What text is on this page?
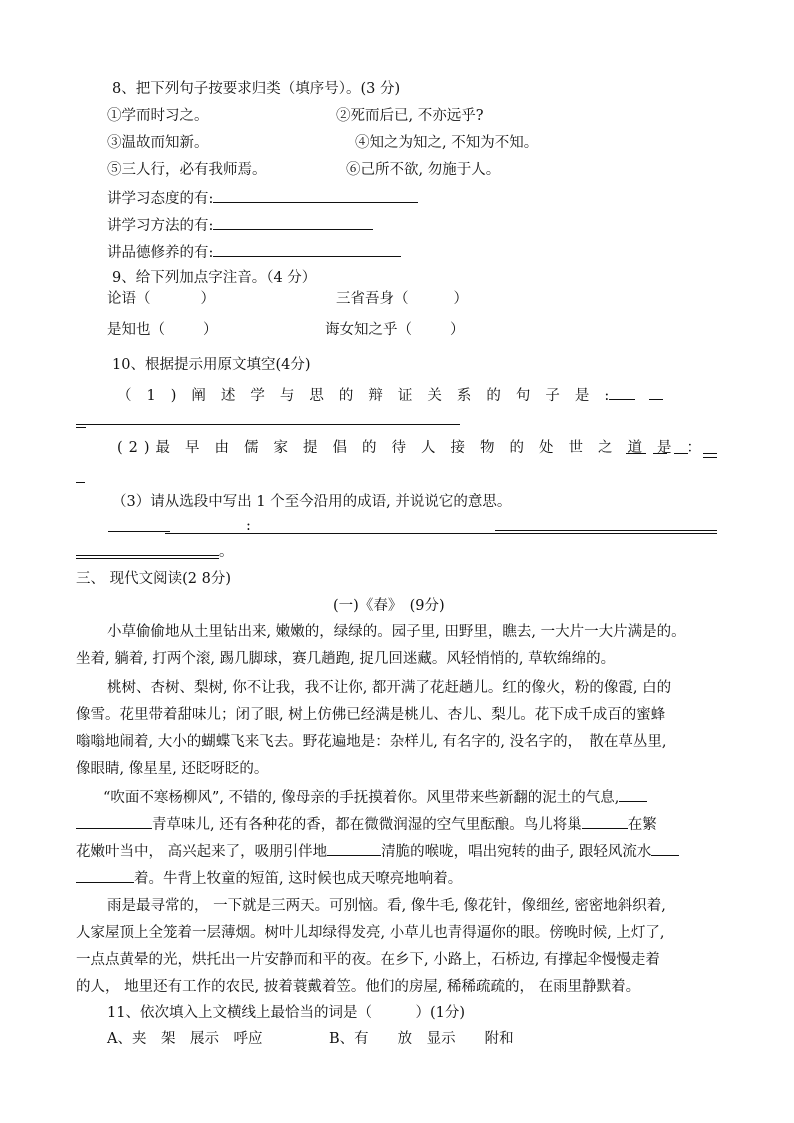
8、把下列句子按要求归类（填序号）。(3 分)
①学而时习之。	②死而后已, 不亦远乎?
③温故而知新。	④知之为知之, 不知为不知。
⑤三人行，必有我师焉。	⑥己所不欲, 勿施于人。
讲学习态度的有:
讲学习方法的有:
讲品德修养的有:
9、给下列加点字注音。（4 分）
论语（	）	三省吾身（	）
是知也（	）	诲女知之乎（	）
10、根据提示用原文填空(4分)
（1)阐述学与思的辩证关系的句子是:
(2)最早由儒家提倡的待人接物的处世之道是：
（3）请从选段中写出 1 个至今沿用的成语, 并说说它的意思。
:
。
三、 现代文阅读(2 8分)
(一)《春》　(9分)
小草偷偷地从土里钻出来, 嫩嫩的，绿绿的。园子里, 田野里，瞧去, 一大片一大片满是的。
坐着, 躺着, 打两个滚, 踢几脚球，赛几趟跑, 捉几回迷藏。风轻悄悄的, 草软绵绵的。
桃树、杏树、梨树, 你不让我，我不让你, 都开满了花赶趟儿。红的像火，粉的像霞, 白的
像雪。花里带着甜味儿；闭了眼, 树上仿佛已经满是桃儿、杏儿、梨儿。花下成千成百的蜜蜂
嗡嗡地闹着, 大小的蝴蝶飞来飞去。野花遍地是：杂样儿, 有名字的, 没名字的，　散在草丛里,
像眼睛, 像星星, 还眨呀眨的。
“吹面不寒杨柳风”, 不错的, 像母亲的手抚摸着你。风里带来些新翻的泥土的气息,
青草味儿, 还有各种花的香，都在微微润湿的空气里酝酿。鸟儿将巢	在繁
花嫩叶当中， 高兴起来了，吸朋引伴地	清脆的喉咙，唱出宛转的曲子, 跟轻风流水
着。牛背上牧童的短笛, 这时候也成天嘹亮地响着。
雨是最寻常的， 一下就是三两天。可别恼。看, 像牛毛, 像花针，像细丝, 密密地斜织着,
人家屋顶上全笼着一层薄烟。树叶儿却绿得发亮, 小草儿也青得逼你的眼。傍晚时候, 上灯了,
一点点黄晕的光，烘托出一片安静而和平的夜。在乡下, 小路上，石桥边, 有撑起伞慢慢走着
的人， 地里还有工作的农民, 披着蓑戴着笠。他们的房屋, 稀稀疏疏的， 在雨里静默着。
11、依次填入上文横线上最恰当的词是（　　　）(1分)
A、夹　架　展示　呼应	B、有　　放　显示　　附和
